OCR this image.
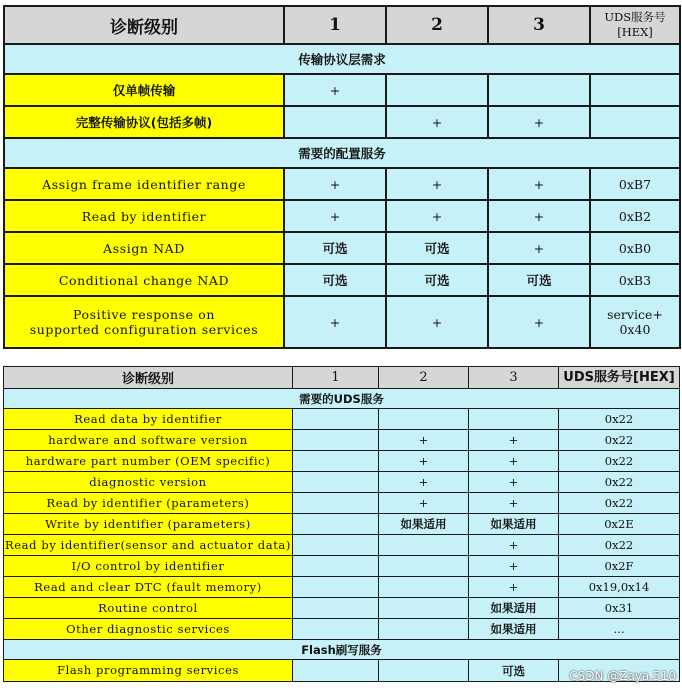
诊断级别	1	2	3	UDS服务号
[HEX]
传输协议层需求				
仅单帧传输	+			
完整传输协议(包括多帧)		+	+	
需要的配置服务				
Assign frame identifier range	+	+	+	0xB7
Read by identifier	+	+	+	0xB2
Assign NAD	可选	可选	+	0xB0
Conditional change NAD	可选	可选	可选	0xB3
Positive response on
supported configuration services	+	+	+	service+
0x40
诊断级别	1	2	3	UDS服务号[HEX]
需要的UDS服务				
Read data by identifier				0x22
hardware and software version		+	+	0x22
hardware part number (OEM specific)		+	+	0x22
diagnostic version		+	+	0x22
Read by identifier (parameters)		+	+	0x22
Write by identifier (parameters)		如果适用	如果适用	0x2E
Read by identifier(sensor and actuator data)			+	0x22
I/O control by identifier			+	0x2F
Read and clear DTC (fault memory)			+	0x19,0x14
Routine control			如果适用	0x31
Other diagnostic services			如果适用	...
Flash刷写服务				
Flash programming services			可选		CSDN @Zaya.510
